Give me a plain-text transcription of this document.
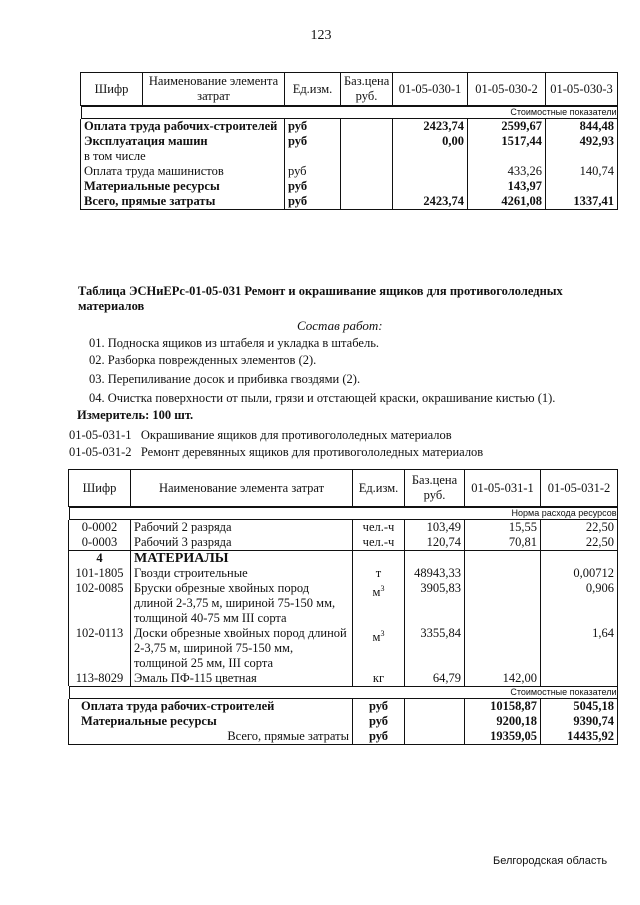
123
Шифр	Наименование элемента затрат	Ед.изм.	Баз.цена руб.	01-05-030-1	01-05-030-2	01-05-030-3

Стоимостные показатели						

Оплата труда рабочих-строителей		руб		2423,74	2599,67	844,48
Эксплуатация машин		руб		0,00	1517,44	492,93
в том числе						
Оплата труда машинистов		руб			433,26	140,74
Материальные ресурсы		руб			143,97	
Всего, прямые затраты		руб		2423,74	4261,08	1337,41
Таблица ЭСНиЕРс-01-05-031 Ремонт и окрашивание ящиков для противогололедных материалов
Состав работ:
01. Подноска ящиков из штабеля и укладка в штабель.
02. Разборка поврежденных элементов (2).
03. Перепиливание досок и прибивка гвоздями (2).
04. Очистка поверхности от пыли, грязи и отстающей краски, окрашивание кистью (1).
Измеритель: 100 шт.
01-05-031-1 Окрашивание ящиков для противогололедных материалов
01-05-031-2 Ремонт деревянных ящиков для противогололедных материалов
Шифр	Наименование элемента затрат	Ед.изм.	Баз.цена руб.	01-05-031-1	01-05-031-2

Норма расхода ресурсов					

0-0002	Рабочий 2 разряда	чел.-ч	103,49	15,55	22,50
0-0003	Рабочий 3 разряда	чел.-ч	120,74	70,81	22,50
4	МАТЕРИАЛЫ				
101-1805	Гвозди строительные	т	48943,33		0,00712
102-0085	Бруски обрезные хвойных пород длиной 2-3,75 м, шириной 75-150 мм, толщиной 40-75 мм III сорта	$м^3$	3905,83		0,906
102-0113	Доски обрезные хвойных пород длиной 2-3,75 м, шириной 75-150 мм, толщиной 25 мм, III сорта	$м^3$	3355,84		1,64
113-8029	Эмаль ПФ-115 цветная	кг	64,79	142,00	

Стоимостные показатели					

Оплата труда рабочих-строителей		руб		10158,87	5045,18
Материальные ресурсы		руб		9200,18	9390,74
Всего, прямые затраты		руб		19359,05	14435,92
Белгородская область
